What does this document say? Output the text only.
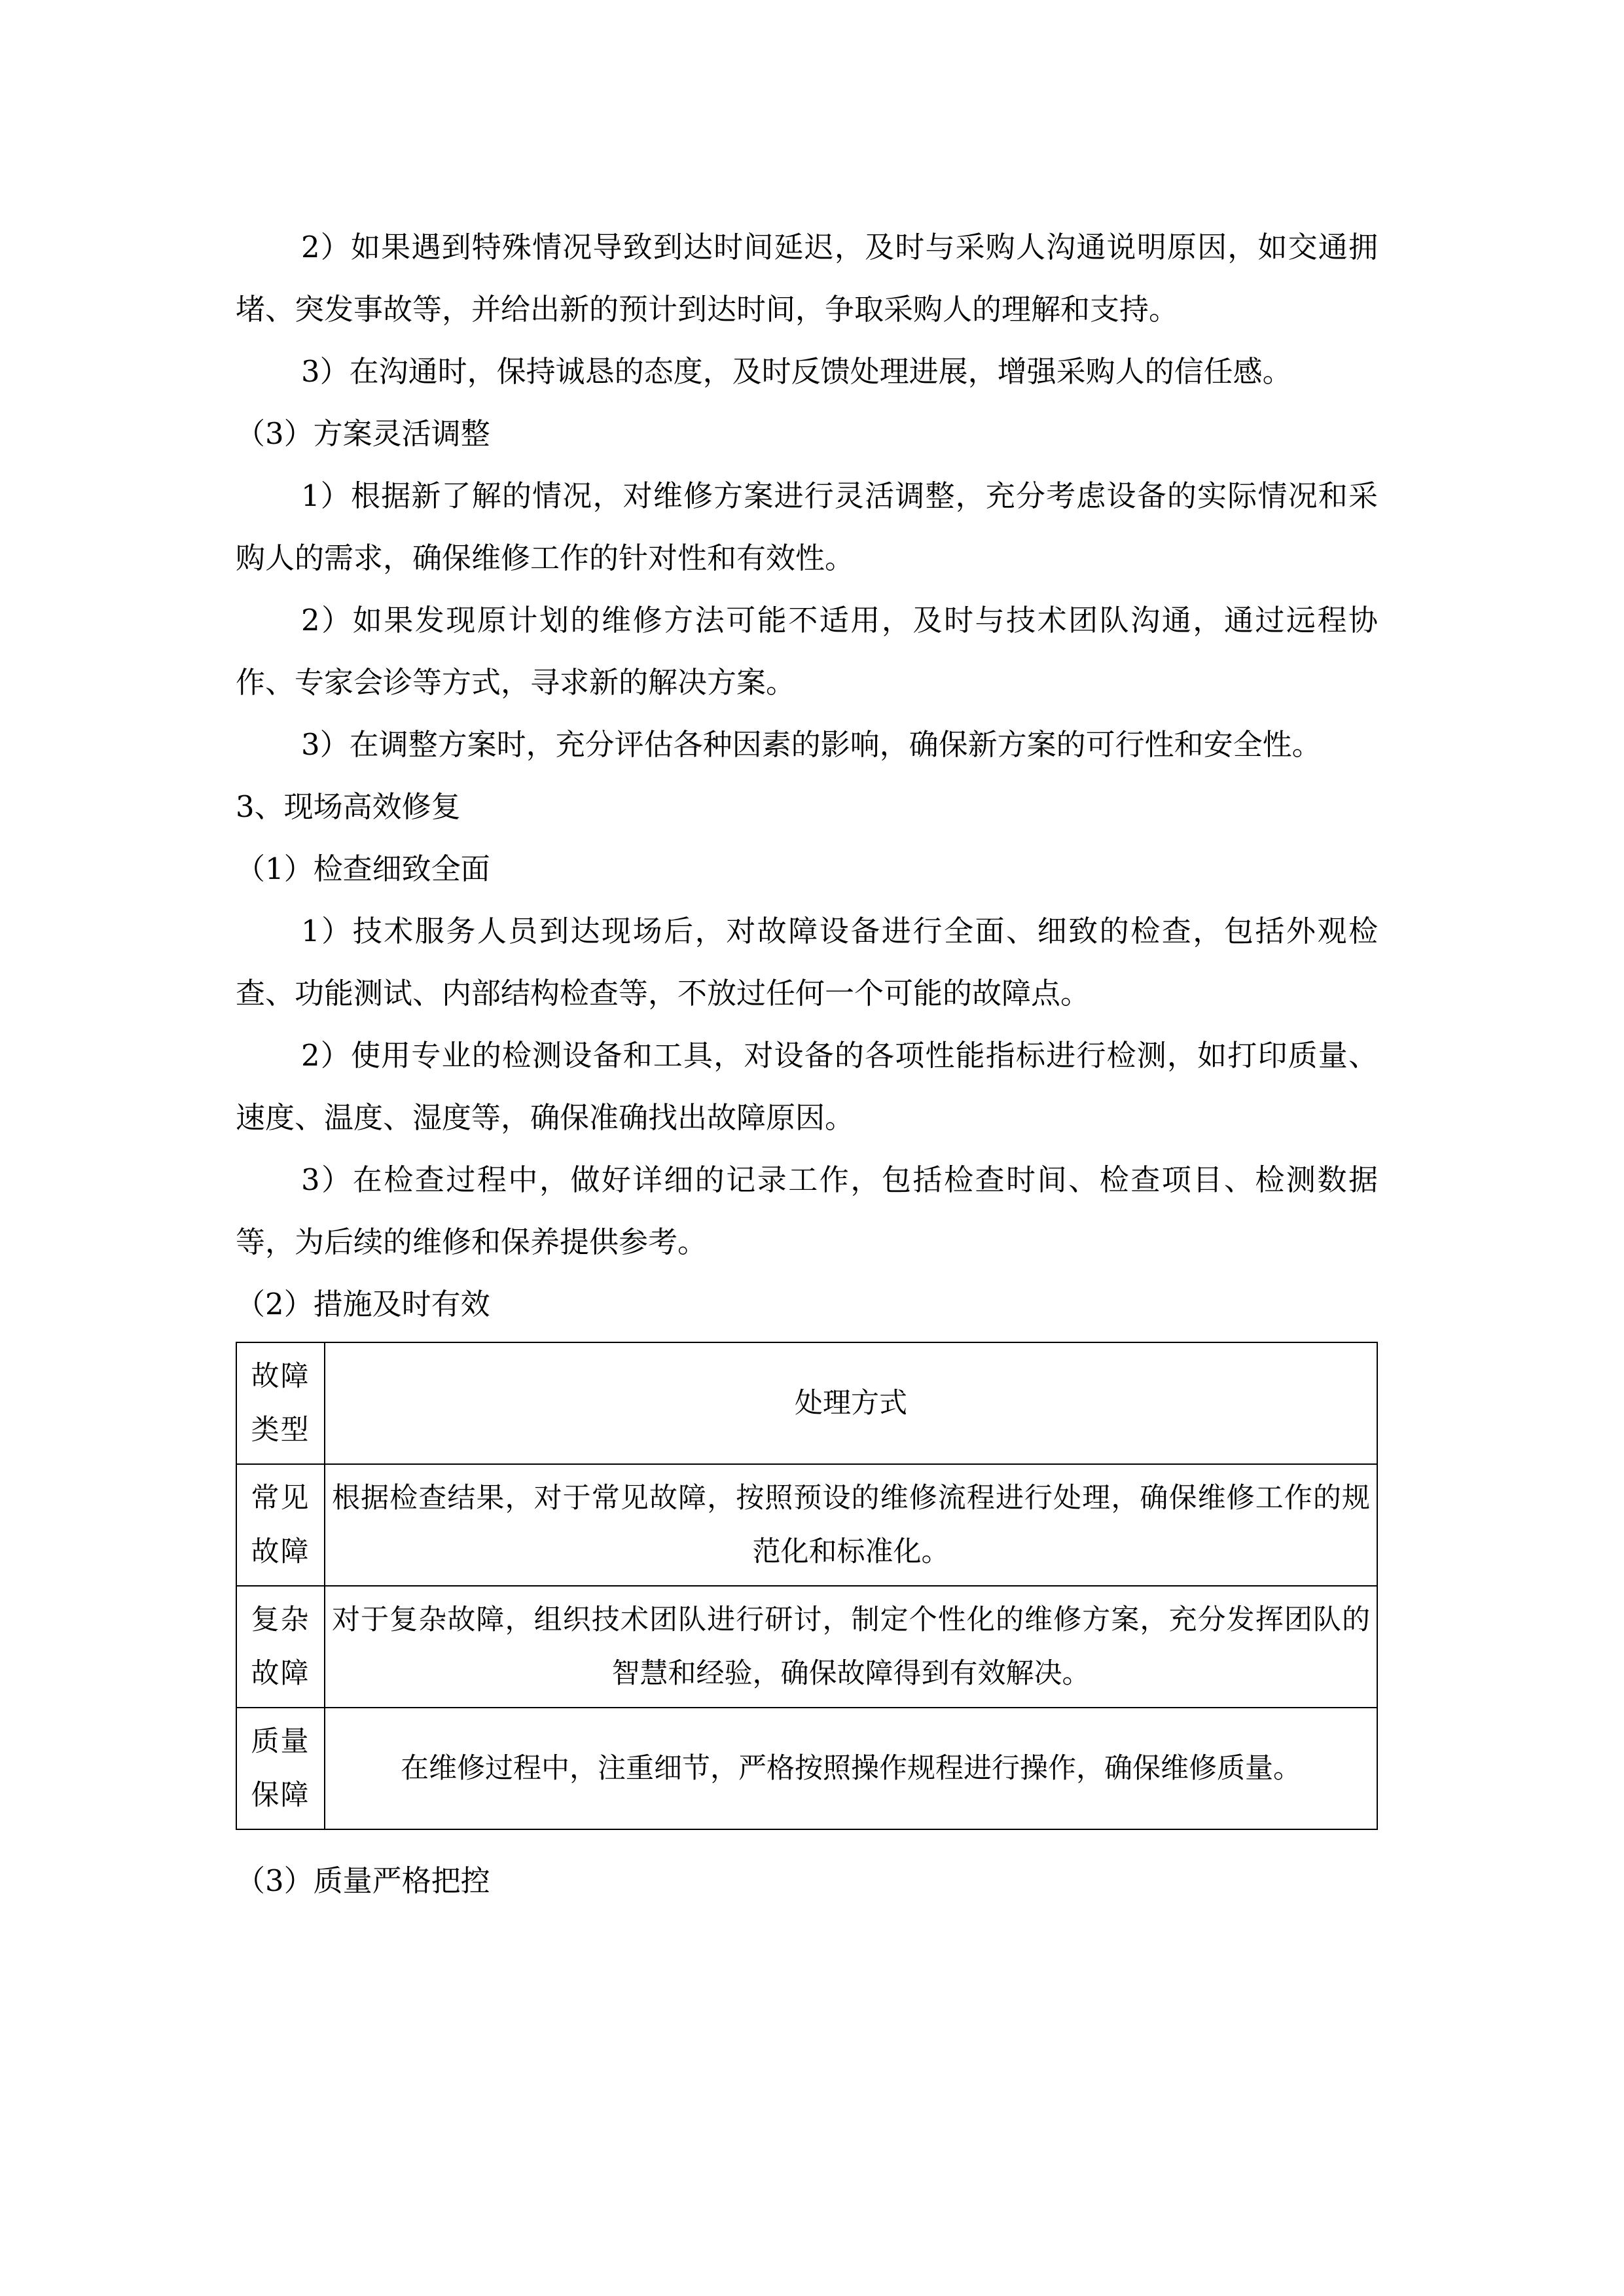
2）如果遇到特殊情况导致到达时间延迟，及时与采购人沟通说明原因，如交通拥堵、突发事故等，并给出新的预计到达时间，争取采购人的理解和支持。

3）在沟通时，保持诚恳的态度，及时反馈处理进展，增强采购人的信任感。

（3）方案灵活调整

1）根据新了解的情况，对维修方案进行灵活调整，充分考虑设备的实际情况和采购人的需求，确保维修工作的针对性和有效性。

2）如果发现原计划的维修方法可能不适用，及时与技术团队沟通，通过远程协作、专家会诊等方式，寻求新的解决方案。

3）在调整方案时，充分评估各种因素的影响，确保新方案的可行性和安全性。

3、现场高效修复

（1）检查细致全面

1）技术服务人员到达现场后，对故障设备进行全面、细致的检查，包括外观检查、功能测试、内部结构检查等，不放过任何一个可能的故障点。

2）使用专业的检测设备和工具，对设备的各项性能指标进行检测，如打印质量、速度、温度、湿度等，确保准确找出故障原因。

3）在检查过程中，做好详细的记录工作，包括检查时间、检查项目、检测数据等，为后续的维修和保养提供参考。

（2）措施及时有效

故障
类型	处理方式

常见
故障	根据检查结果，对于常见故障，按照预设的维修流程进行处理，确保维修工作的规范化和标准化。

复杂
故障	对于复杂故障，组织技术团队进行研讨，制定个性化的维修方案，充分发挥团队的智慧和经验，确保故障得到有效解决。

质量
保障	在维修过程中，注重细节，严格按照操作规程进行操作，确保维修质量。

（3）质量严格把控
